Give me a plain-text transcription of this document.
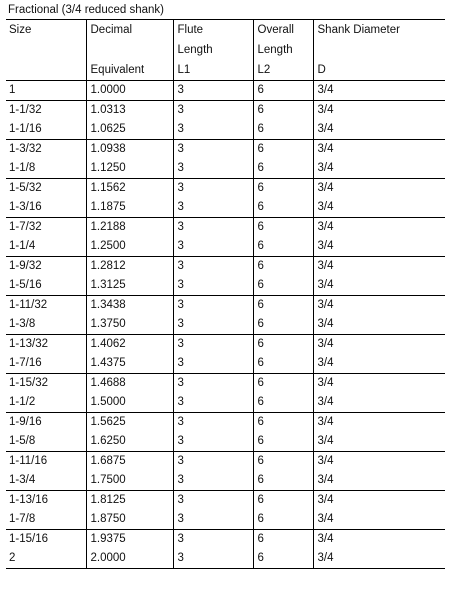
Fractional (3/4 reduced shank)
Size	Decimal	Flute	Overall	Shank Diameter
		Length	Length	
	Equivalent	L1	L2	D
1	1.0000	3	6	3/4
1-1/32	1.0313	3	6	3/4
1-1/16	1.0625	3	6	3/4
1-3/32	1.0938	3	6	3/4
1-1/8	1.1250	3	6	3/4
1-5/32	1.1562	3	6	3/4
1-3/16	1.1875	3	6	3/4
1-7/32	1.2188	3	6	3/4
1-1/4	1.2500	3	6	3/4
1-9/32	1.2812	3	6	3/4
1-5/16	1.3125	3	6	3/4
1-11/32	1.3438	3	6	3/4
1-3/8	1.3750	3	6	3/4
1-13/32	1.4062	3	6	3/4
1-7/16	1.4375	3	6	3/4
1-15/32	1.4688	3	6	3/4
1-1/2	1.5000	3	6	3/4
1-9/16	1.5625	3	6	3/4
1-5/8	1.6250	3	6	3/4
1-11/16	1.6875	3	6	3/4
1-3/4	1.7500	3	6	3/4
1-13/16	1.8125	3	6	3/4
1-7/8	1.8750	3	6	3/4
1-15/16	1.9375	3	6	3/4
2	2.0000	3	6	3/4
